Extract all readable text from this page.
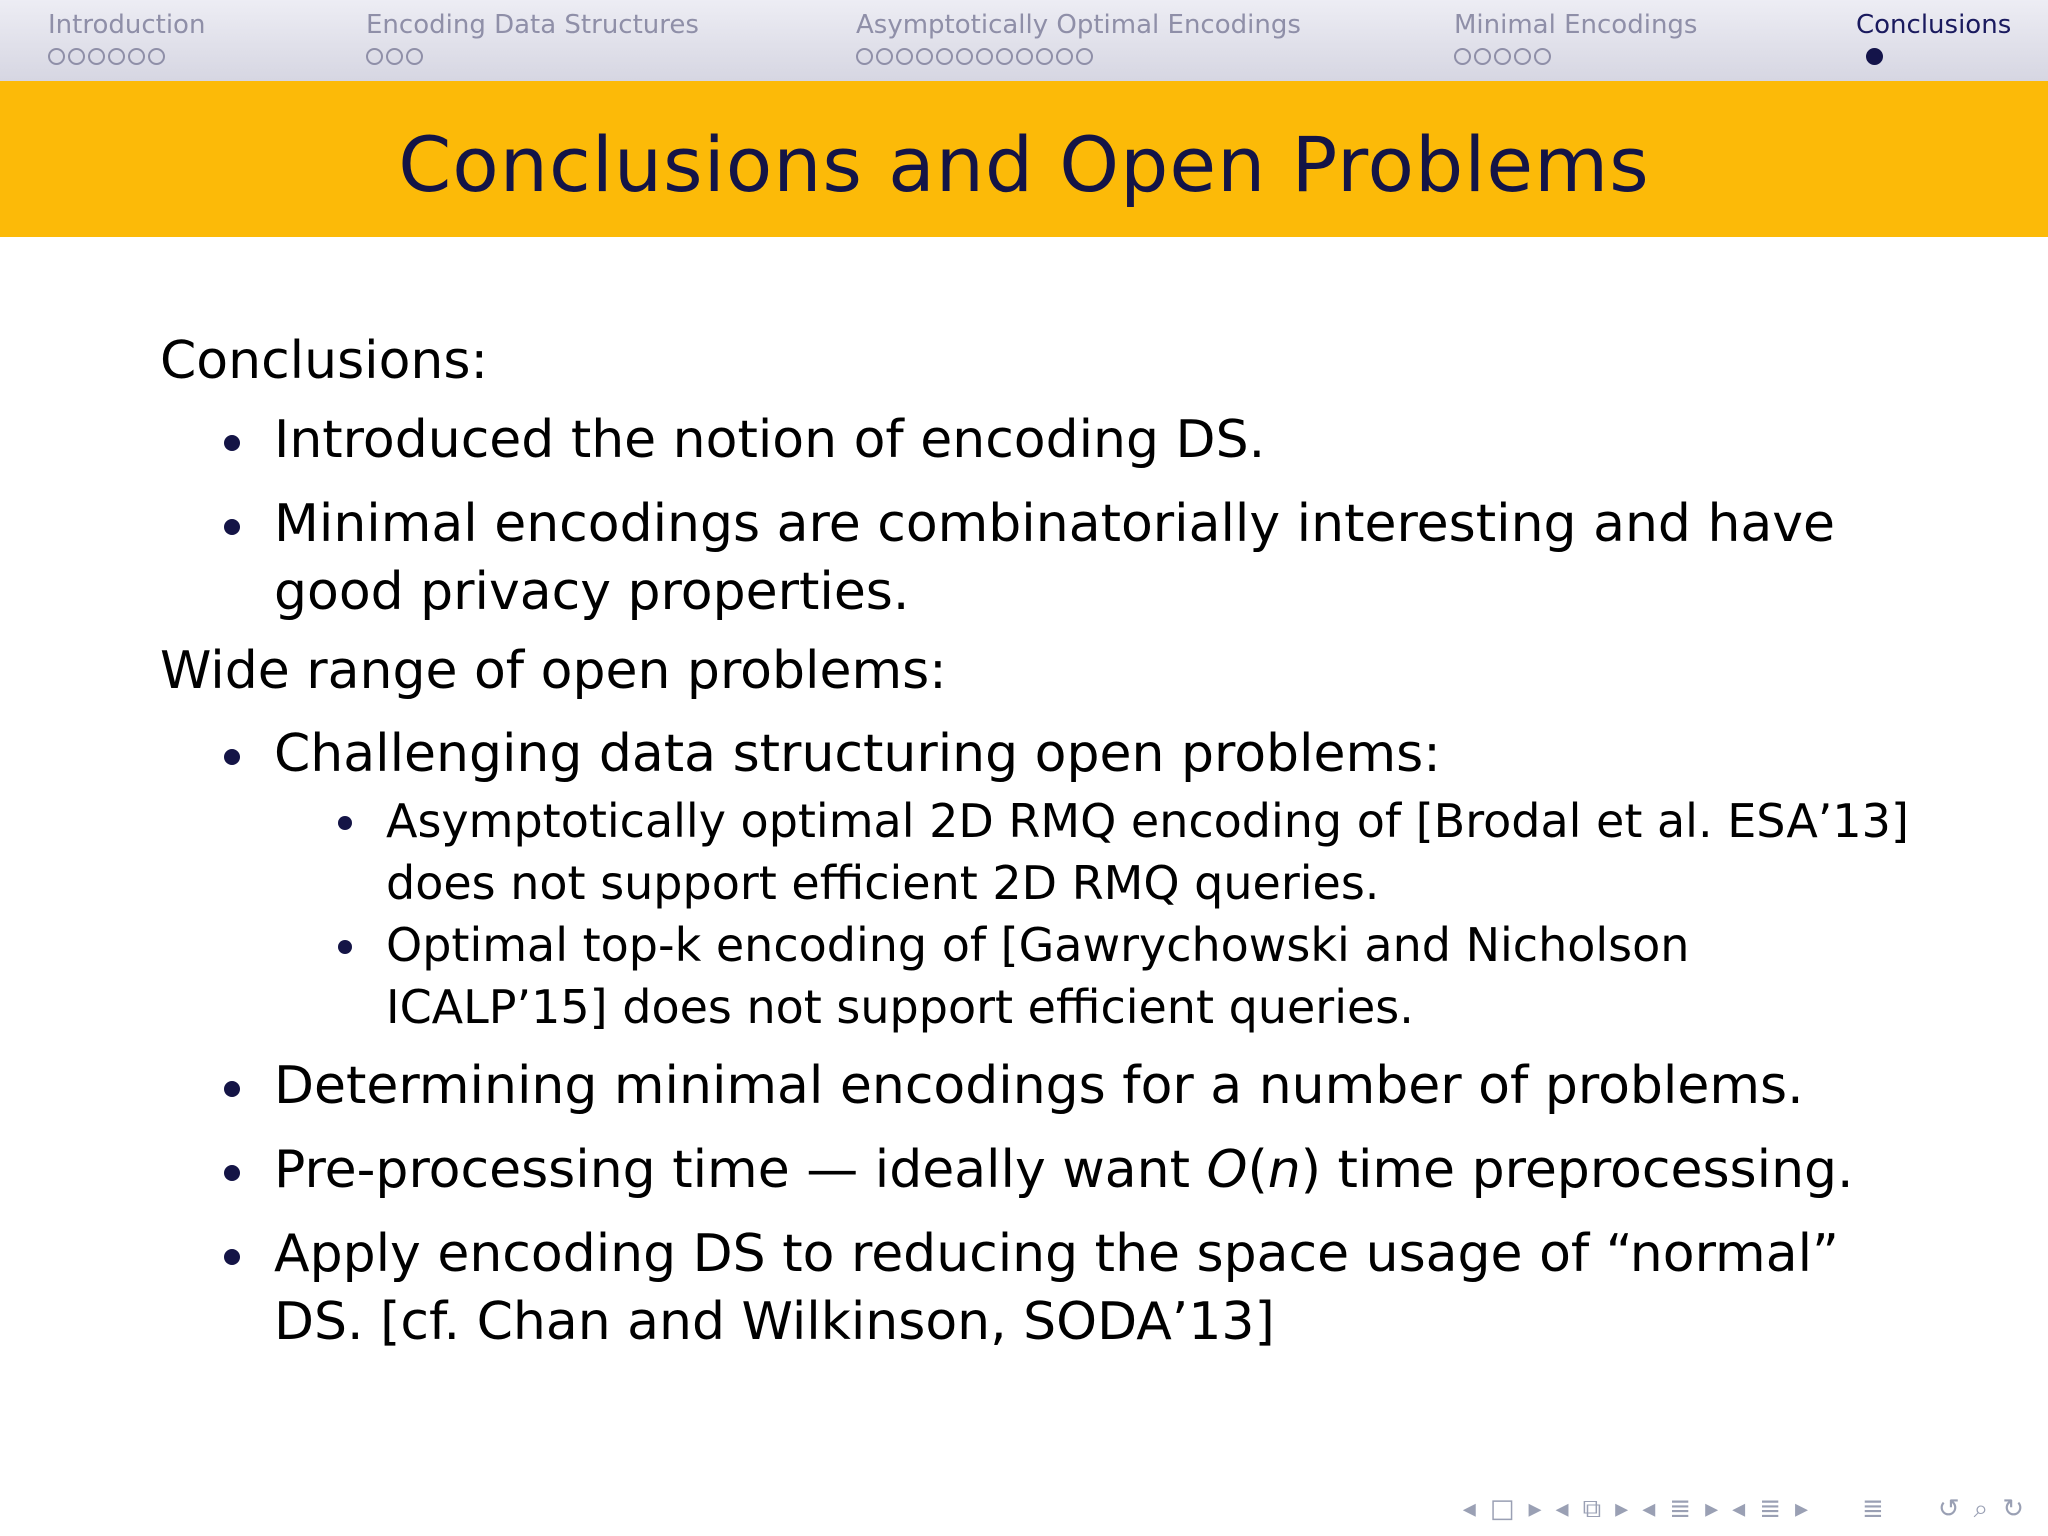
Introduction	Encoding Data Structures	Asymptotically Optimal Encodings	Minimal Encodings	Conclusions
Conclusions and Open Problems

Conclusions:

Introduced the notion of encoding DS.
Minimal encodings are combinatorially interesting and have good privacy properties.

Wide range of open problems:

Challenging data structuring open problems:
Asymptotically optimal 2D RMQ encoding of [Brodal et al. ESA’13] does not support efficient 2D RMQ queries.
Optimal top-k encoding of [Gawrychowski and Nicholson ICALP’15] does not support efficient queries.
Determining minimal encodings for a number of problems.
Pre-processing time — ideally want O(n) time preprocessing.
Apply encoding DS to reducing the space usage of “normal” DS. [cf. Chan and Wilkinson, SODA’13]
◂ □ ▸ ◂ ⧉ ▸ ◂ ≣ ▸ ◂ ≣ ▸ ≣ ↺ ⌕ ↻
